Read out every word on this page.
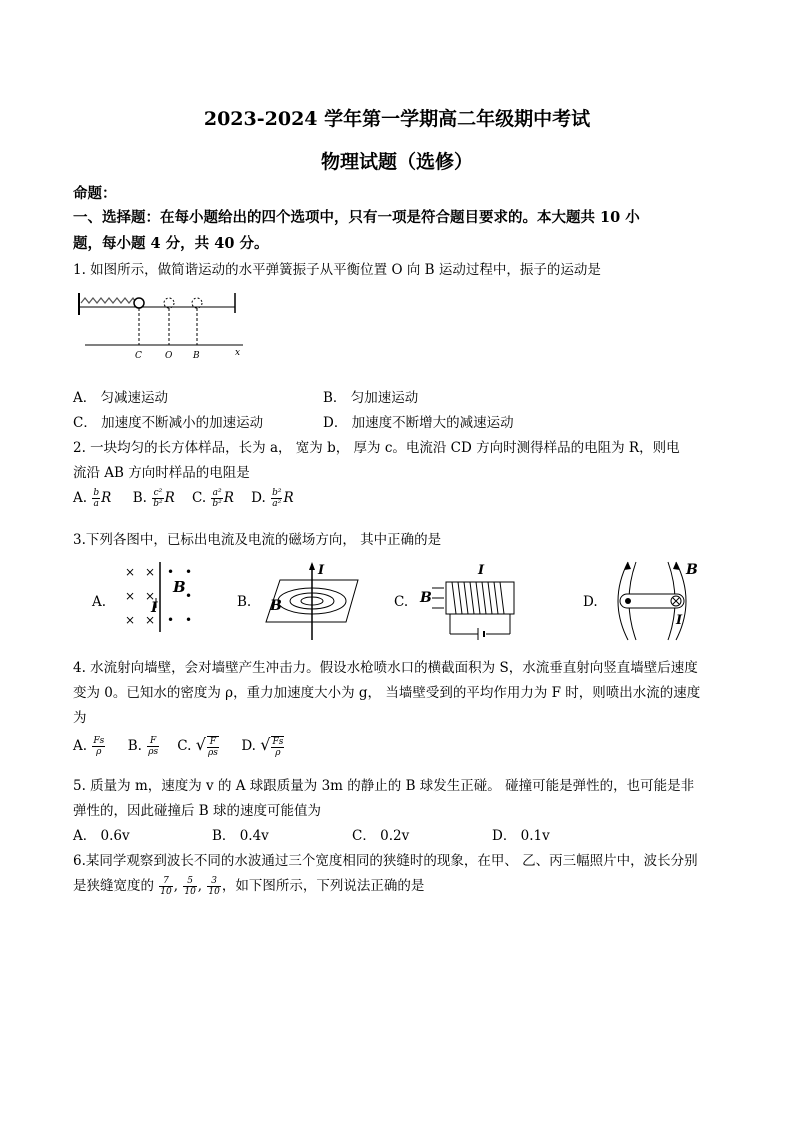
2023-2024 学年第一学期高二年级期中考试
物理试题（选修）
命题：
一、选择题：在每小题给出的四个选项中，只有一项是符合题目要求的。本大题共 10 小
题，每小题 4 分，共 40 分。
1. 如图所示，做简谐运动的水平弹簧振子从平衡位置 O 向 B 运动过程中，振子的运动是
C	O B	x
A． 匀减速运动	B． 匀加速运动
C． 加速度不断减小的加速运动	D． 加速度不断增大的减速运动
2. 一块均匀的长方体样品，长为 a， 宽为 b， 厚为 c。电流沿 CD 方向时测得样品的电阻为 R，则电
流沿 AB 方向时样品的电阻是
A. $\frac{b}{a}$ R B. $\frac{\text{c²}}{\text{b²}}$ R C. $\frac{\text{a²}}{\text{b²}}$ R D. $\frac{\text{b²}}{\text{a²}}$ R
3.下列各图中，已标出电流及电流的磁场方向， 其中正确的是
A.
× ×
× ×
× ×
• •
•
• •
B
I	B.
I
B	C. B
I
D.
B
I
4. 水流射向墙壁，会对墙壁产生冲击力。假设水枪喷水口的横截面积为 S，水流垂直射向竖直墙壁后速度
变为 0。已知水的密度为 ρ，重力加速度大小为 g， 当墙壁受到的平均作用力为 F 时，则喷出水流的速度
为
A. $\frac{Fs}{\rho} B$. $\frac{F}{\rho s} C$. √ $\frac{F}{\rho s} D$. √ $\frac{Fs}{\rho}$
5. 质量为 m，速度为 v 的 A 球跟质量为 3m 的静止的 B 球发生正碰。 碰撞可能是弹性的，也可能是非
弹性的，因此碰撞后 B 球的速度可能值为
A． 0.6v	B． 0.4v	C． 0.2v	D． 0.1v
6.某同学观察到波长不同的水波通过三个宽度相同的狭缝时的现象，在甲、 乙、丙三幅照片中，波长分别
是狭缝宽度的 $\frac{7}{10}$ , $\frac{5}{10}$ , $\frac{3}{10}$ ，如下图所示，下列说法正确的是
